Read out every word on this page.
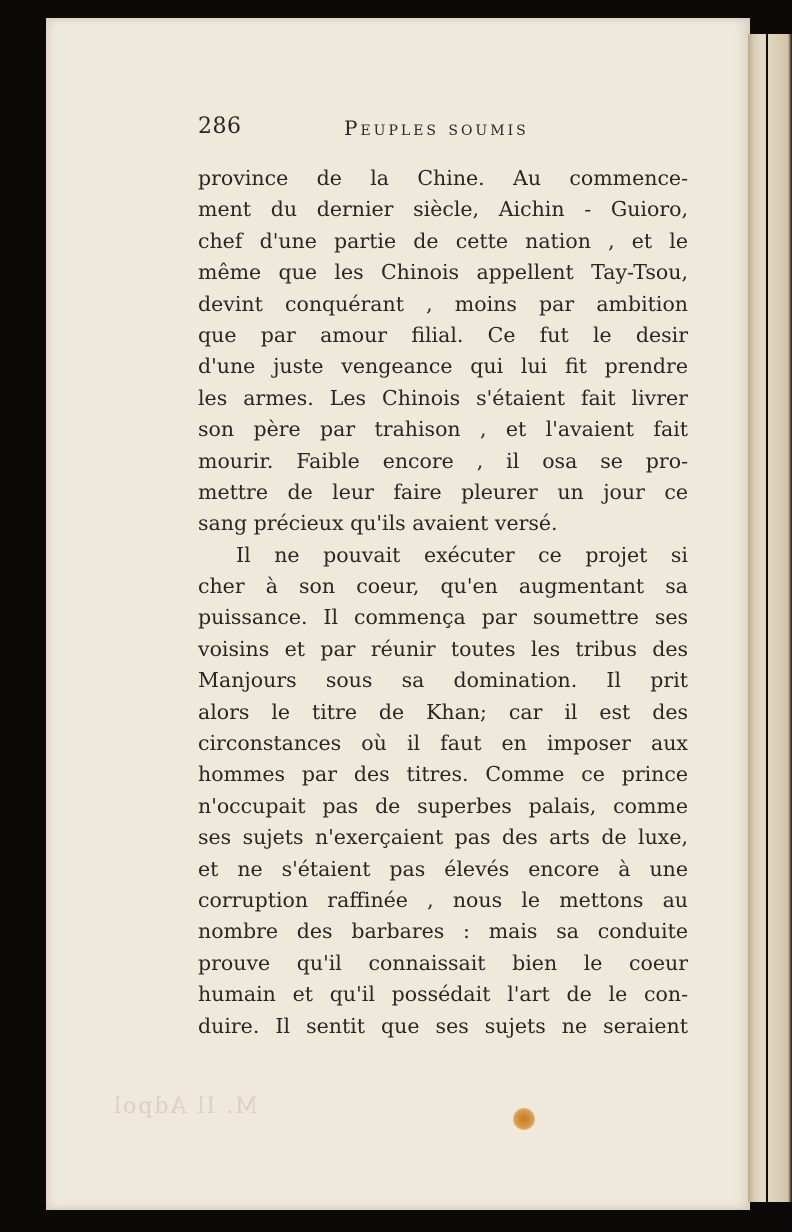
286	Peuples soumis
province de la Chine. Au commence-
ment du dernier siècle, Aichin - Guioro,
chef d'une partie de cette nation , et le
même que les Chinois appellent Tay-Tsou,
devint conquérant , moins par ambition
que par amour filial. Ce fut le desir
d'une juste vengeance qui lui fit prendre
les armes. Les Chinois s'étaient fait livrer
son père par trahison , et l'avaient fait
mourir. Faible encore , il osa se pro-
mettre de leur faire pleurer un jour ce
sang précieux qu'ils avaient versé.
Il ne pouvait exécuter ce projet si
cher à son coeur, qu'en augmentant sa
puissance. Il commença par soumettre ses
voisins et par réunir toutes les tribus des
Manjours sous sa domination. Il prit
alors le titre de Khan; car il est des
circonstances où il faut en imposer aux
hommes par des titres. Comme ce prince
n'occupait pas de superbes palais, comme
ses sujets n'exerçaient pas des arts de luxe,
et ne s'étaient pas élevés encore à une
corruption raffinée , nous le mettons au
nombre des barbares : mais sa conduite
prouve qu'il connaissait bien le coeur
humain et qu'il possédait l'art de le con-
duire. Il sentit que ses sujets ne seraient
M. Il Adpol
